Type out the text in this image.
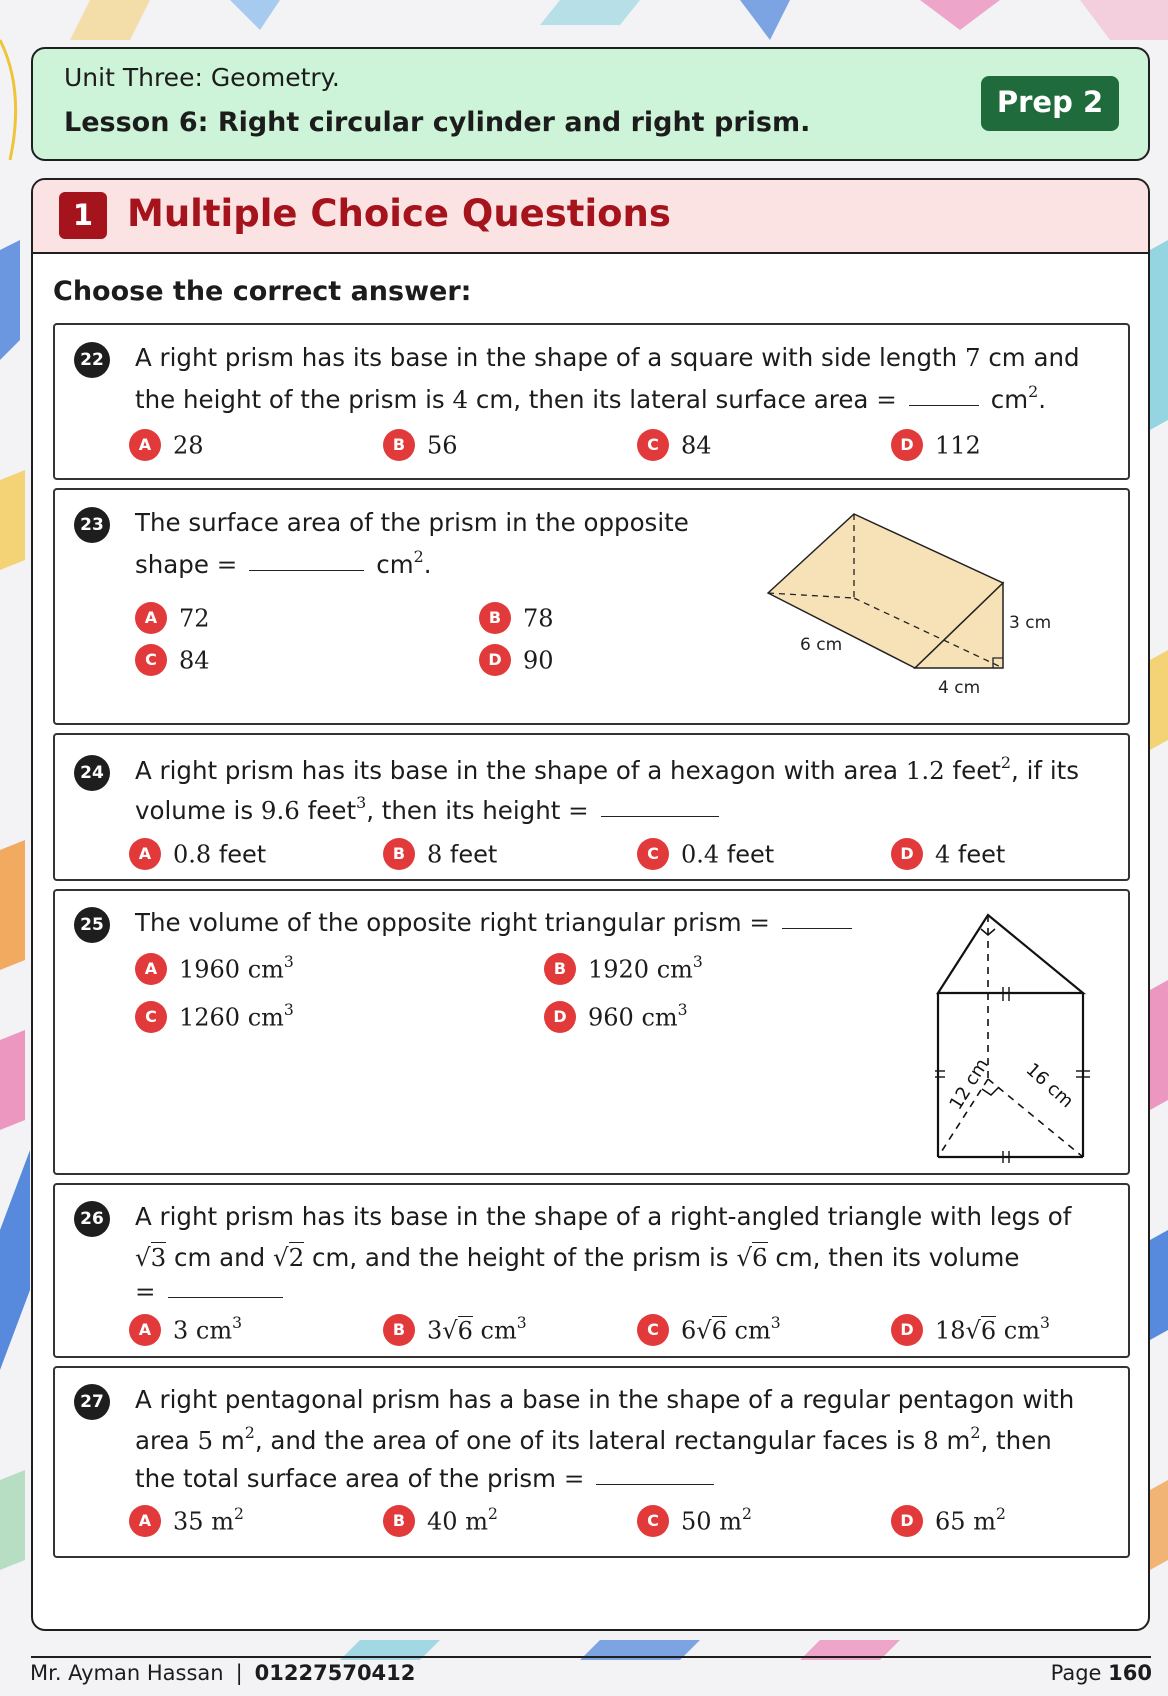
Unit Three: Geometry.
Lesson 6: Right circular cylinder and right prism.
Prep 2
1 Multiple Choice Questions
Choose the correct answer:
22 A right prism has its base in the shape of a square with side length 7 cm and
the height of the prism is 4 cm, then its lateral surface area =	$cm^2$.
A 28	B 56	C 84	D 112
23 The surface area of the prism in the opposite
shape =	$cm^2$.
A 72	B 78
C 84	D 90
6 cm
3 cm
4 cm
24 A right prism has its base in the shape of a hexagon with area 1.2 feet$^2$, if its
volume is 9.6 feet$^3$, then its height =
A 0.8 feet	B 8 feet	C 0.4 feet	D 4 feet
25 The volume of the opposite right triangular prism =
A 1960 $cm^3$	B 1920 $cm^3$
C 1260 $cm^3$	D 960 $cm^3$
12 cm 16 cm
26 A right prism has its base in the shape of a right-angled triangle with legs of
√3 cm and √2 cm, and the height of the prism is √6 cm, then its volume
=
A 3 $cm^3$	B 3√6 $cm^3$	C 6√6 $cm^3$	D 18√6 $cm^3$
27 A right pentagonal prism has a base in the shape of a regular pentagon with
area 5 $m^2$, and the area of one of its lateral rectangular faces is 8 $m^2$, then
the total surface area of the prism =
A 35 $m^2$	B 40 $m^2$	C 50 $m^2$	D 65 $m^2$
Mr. Ayman Hassan | 01227570412	Page 160
